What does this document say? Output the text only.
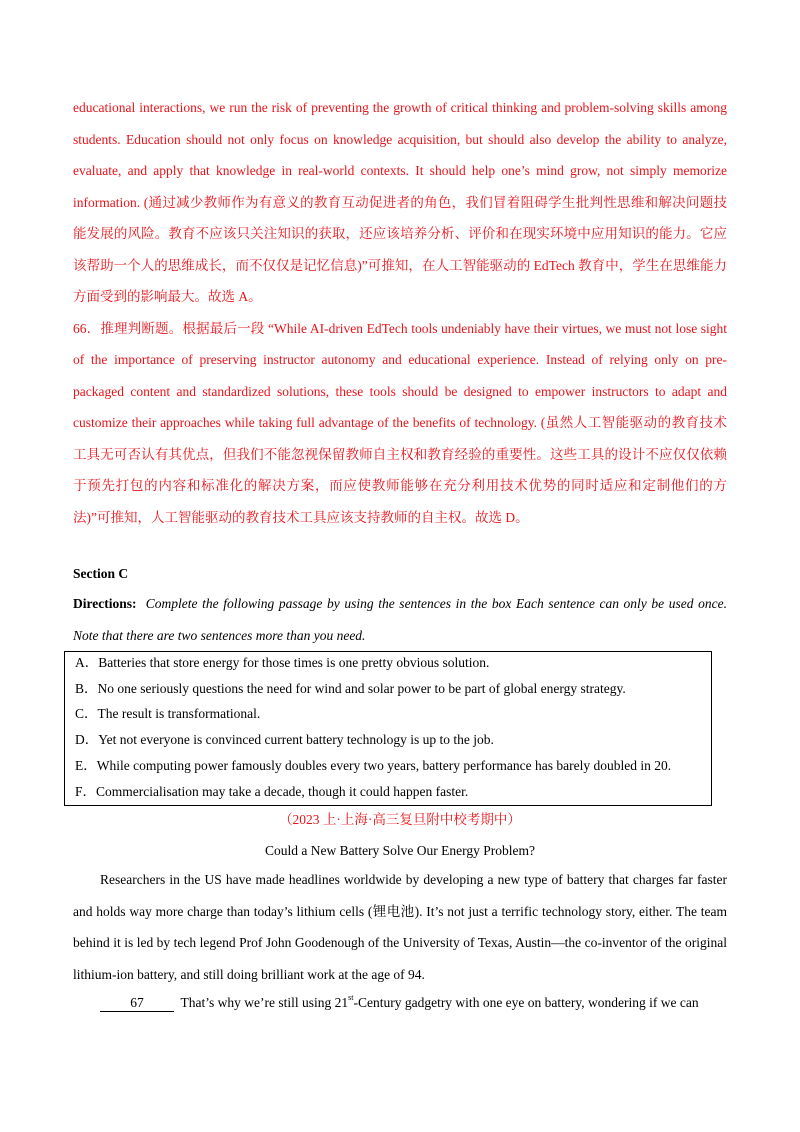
educational interactions, we run the risk of preventing the growth of critical thinking and problem-solving skills among students. Education should not only focus on knowledge acquisition, but should also develop the ability to analyze, evaluate, and apply that knowledge in real-world contexts. It should help one’s mind grow, not simply memorize information. (通过减少教师作为有意义的教育互动促进者的角色，我们冒着阻碍学生批判性思维和解决问题技能发展的风险。教育不应该只关注知识的获取，还应该培养分析、评价和在现实环境中应用知识的能力。它应该帮助一个人的思维成长，而不仅仅是记忆信息)”可推知，在人工智能驱动的 EdTech 教育中，学生在思维能力方面受到的影响最大。故选 A。
66．推理判断题。根据最后一段 “While AI-driven EdTech tools undeniably have their virtues, we must not lose sight of the importance of preserving instructor autonomy and educational experience. Instead of relying only on pre-packaged content and standardized solutions, these tools should be designed to empower instructors to adapt and customize their approaches while taking full advantage of the benefits of technology. (虽然人工智能驱动的教育技术工具无可否认有其优点，但我们不能忽视保留教师自主权和教育经验的重要性。这些工具的设计不应仅仅依赖于预先打包的内容和标准化的解决方案，而应使教师能够在充分利用技术优势的同时适应和定制他们的方法)”可推知，人工智能驱动的教育技术工具应该支持教师的自主权。故选 D。
Section C
Directions: Complete the following passage by using the sentences in the box Each sentence can only be used once. Note that there are two sentences more than you need.
A．Batteries that store energy for those times is one pretty obvious solution.
B．No one seriously questions the need for wind and solar power to be part of global energy strategy.
C．The result is transformational.
D．Yet not everyone is convinced current battery technology is up to the job.
E．While computing power famously doubles every two years, battery performance has barely doubled in 20.
F．Commercialisation may take a decade, though it could happen faster.
（2023 上·上海·高三复旦附中校考期中）
Could a New Battery Solve Our Energy Problem?
Researchers in the US have made headlines worldwide by developing a new type of battery that charges far faster and holds way more charge than today’s lithium cells (锂电池). It’s not just a terrific technology story, either. The team behind it is led by tech legend Prof John Goodenough of the University of Texas, Austin—the co-inventor of the original lithium-ion battery, and still doing brilliant work at the age of 94.
67	That’s why we’re still using 21st-Century gadgetry with one eye on battery, wondering if we can
